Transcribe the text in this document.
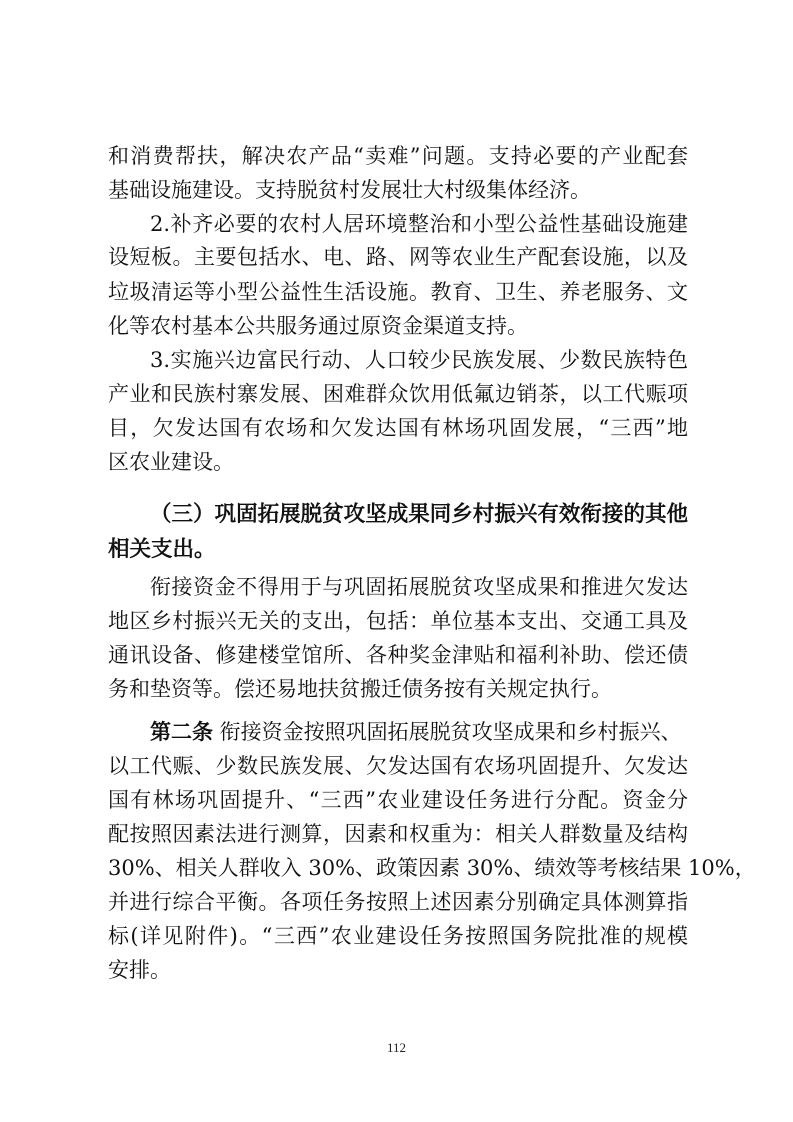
和消费帮扶，解决农产品“卖难”问题。支持必要的产业配套
基础设施建设。支持脱贫村发展壮大村级集体经济。
2.补齐必要的农村人居环境整治和小型公益性基础设施建
设短板。主要包括水、电、路、网等农业生产配套设施，以及
垃圾清运等小型公益性生活设施。教育、卫生、养老服务、文
化等农村基本公共服务通过原资金渠道支持。
3.实施兴边富民行动、人口较少民族发展、少数民族特色
产业和民族村寨发展、困难群众饮用低氟边销茶，以工代赈项
目，欠发达国有农场和欠发达国有林场巩固发展，“三西”地
区农业建设。
（三）巩固拓展脱贫攻坚成果同乡村振兴有效衔接的其他
相关支出。
衔接资金不得用于与巩固拓展脱贫攻坚成果和推进欠发达
地区乡村振兴无关的支出，包括：单位基本支出、交通工具及
通讯设备、修建楼堂馆所、各种奖金津贴和福利补助、偿还债
务和垫资等。偿还易地扶贫搬迁债务按有关规定执行。
第二条 衔接资金按照巩固拓展脱贫攻坚成果和乡村振兴、
以工代赈、少数民族发展、欠发达国有农场巩固提升、欠发达
国有林场巩固提升、“三西”农业建设任务进行分配。资金分
配按照因素法进行测算，因素和权重为：相关人群数量及结构
30%、相关人群收入 30%、政策因素 30%、绩效等考核结果 10%，
并进行综合平衡。各项任务按照上述因素分别确定具体测算指
标(详见附件)。“三西”农业建设任务按照国务院批准的规模
安排。
112
